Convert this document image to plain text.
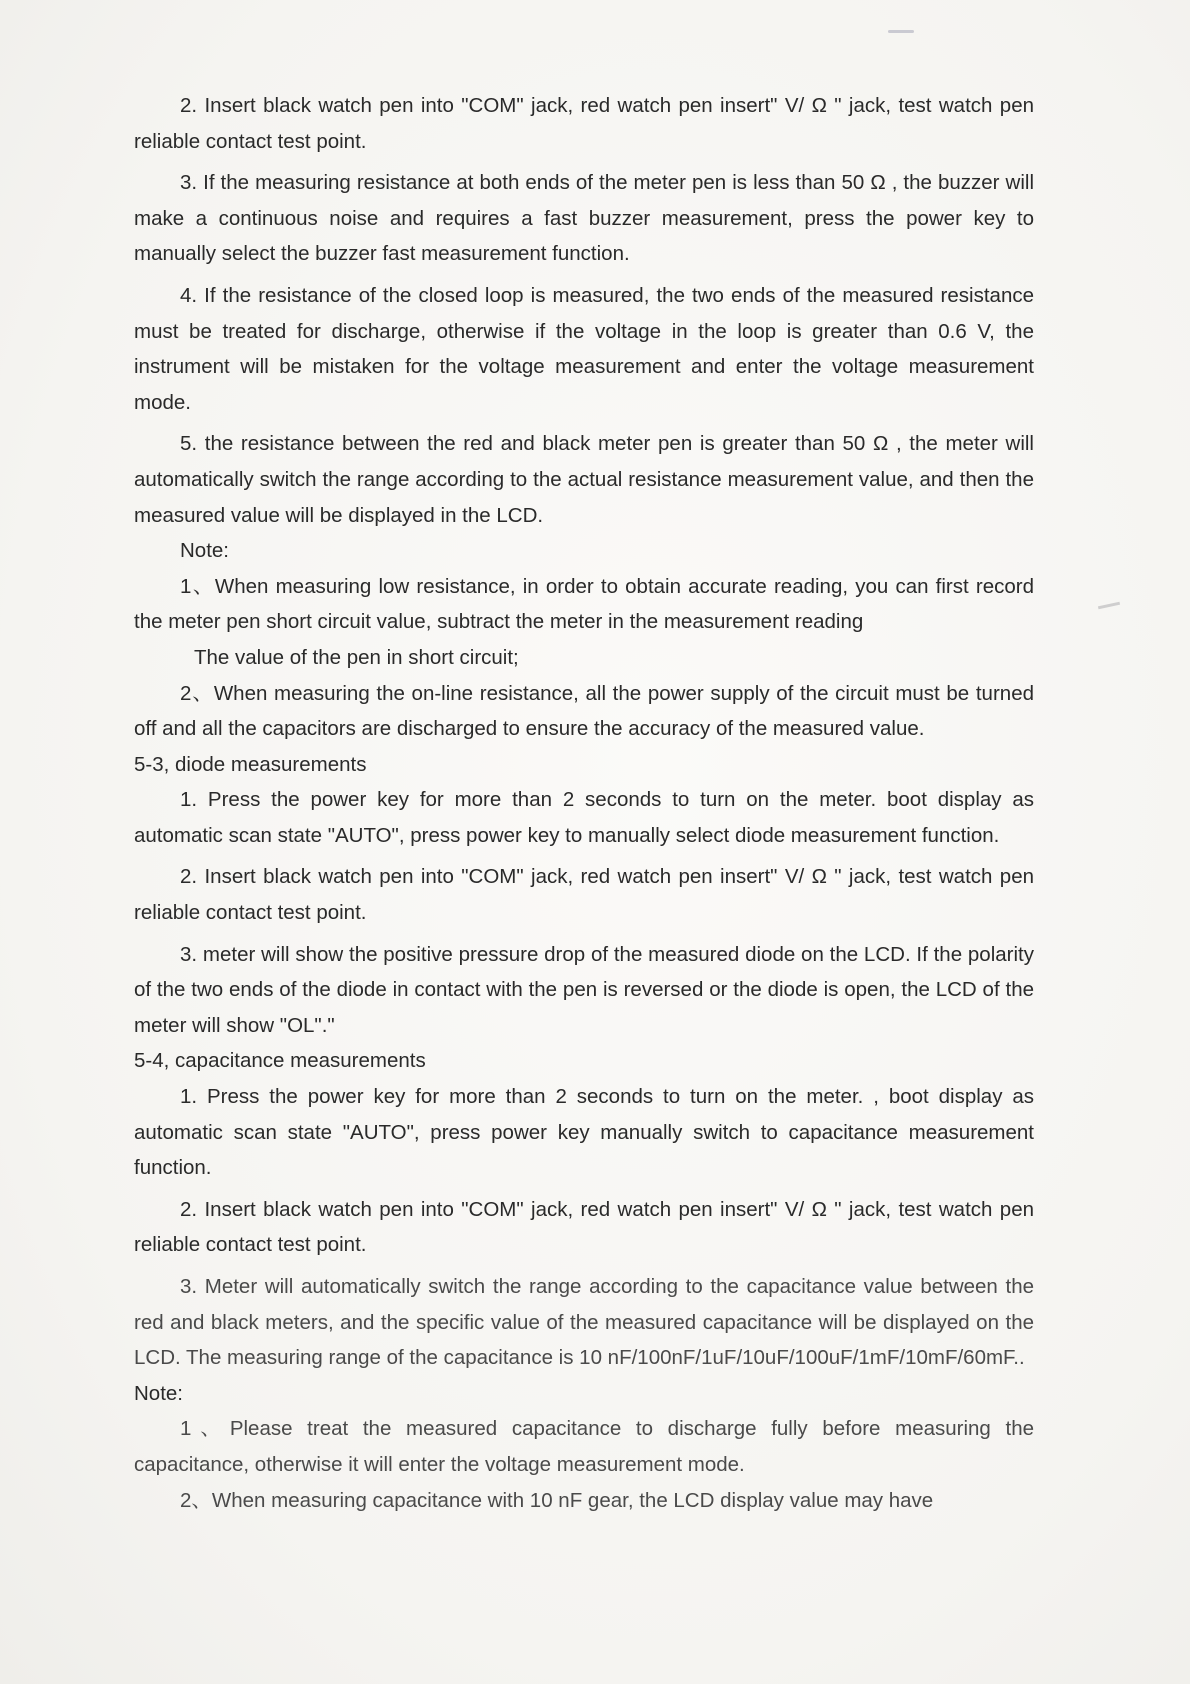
2. Insert black watch pen into "COM" jack, red watch pen insert" V/ Ω " jack, test watch pen reliable contact test point.

3. If the measuring resistance at both ends of the meter pen is less than 50 Ω , the buzzer will make a continuous noise and requires a fast buzzer measurement, press the power key to manually select the buzzer fast measurement function.

4. If the resistance of the closed loop is measured, the two ends of the measured resistance must be treated for discharge, otherwise if the voltage in the loop is greater than 0.6 V, the instrument will be mistaken for the voltage measurement and enter the voltage measurement mode.

5. the resistance between the red and black meter pen is greater than 50 Ω , the meter will automatically switch the range according to the actual resistance measurement value, and then the measured value will be displayed in the LCD.

Note:

1、When measuring low resistance, in order to obtain accurate reading, you can first record the meter pen short circuit value, subtract the meter in the measurement reading

The value of the pen in short circuit;

2、When measuring the on-line resistance, all the power supply of the circuit must be turned off and all the capacitors are discharged to ensure the accuracy of the measured value.

5-3, diode measurements

1. Press the power key for more than 2 seconds to turn on the meter. boot display as automatic scan state "AUTO", press power key to manually select diode measurement function.

2. Insert black watch pen into "COM" jack, red watch pen insert" V/ Ω " jack, test watch pen reliable contact test point.

3. meter will show the positive pressure drop of the measured diode on the LCD. If the polarity of the two ends of the diode in contact with the pen is reversed or the diode is open, the LCD of the meter will show "OL"."

5-4, capacitance measurements

1. Press the power key for more than 2 seconds to turn on the meter. , boot display as automatic scan state "AUTO", press power key manually switch to capacitance measurement function.

2. Insert black watch pen into "COM" jack, red watch pen insert" V/ Ω " jack, test watch pen reliable contact test point.

3. Meter will automatically switch the range according to the capacitance value between the red and black meters, and the specific value of the measured capacitance will be displayed on the LCD. The measuring range of the capacitance is 10 nF/100nF/1uF/10uF/100uF/1mF/10mF/60mF..

Note:

1、Please treat the measured capacitance to discharge fully before measuring the capacitance, otherwise it will enter the voltage measurement mode.

2、When measuring capacitance with 10 nF gear, the LCD display value may have
